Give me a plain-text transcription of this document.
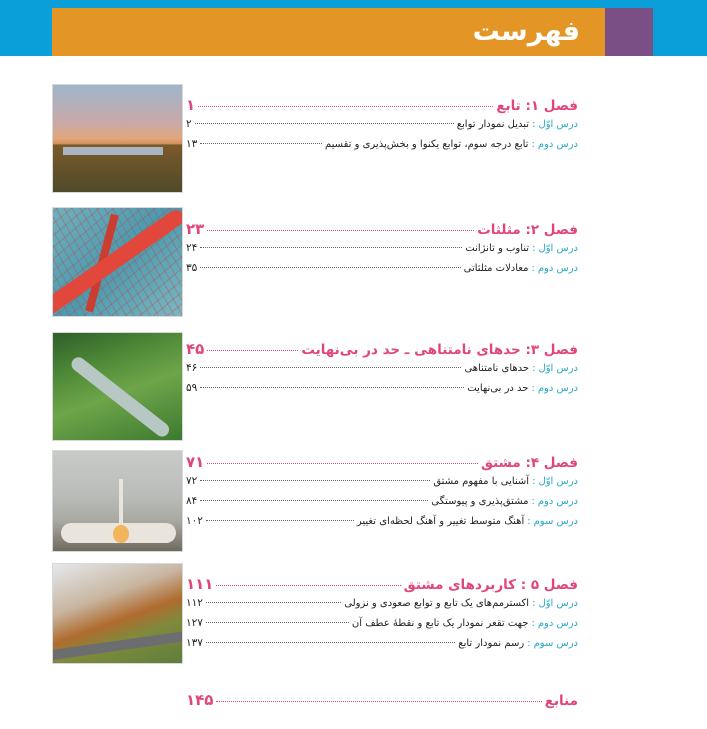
فهرست
فصل ۱: تابع
۱
درس اوّل
:
تبدیل نمودار توابع
۲
درس دوم
:
تابع درجه سوم، توابع یکنوا و بخش‌پذیری و تقسیم
۱۳
فصل ۲: مثلثات
۲۳
درس اوّل
:
تناوب و تانژانت
۲۴
درس دوم
:
معادلات مثلثاتی
۳۵
فصل ۳: حدهای نامتناهی ـ حد در بی‌نهایت
۴۵
درس اوّل
:
حدهای نامتناهی
۴۶
درس دوم
:
حد در بی‌نهایت
۵۹
فصل ۴: مشتق
۷۱
درس اوّل
:
آشنایی با مفهوم مشتق
۷۲
درس دوم
:
مشتق‌پذیری و پیوستگی
۸۴
درس سوم
:
آهنگ متوسط تغییر و آهنگ لحظه‌ای تغییر
۱۰۲
فصل ۵ : کاربردهای مشتق
۱۱۱
درس اوّل
:
اکسترمم‌های یک تابع و توابع صعودی و نزولی
۱۱۲
درس دوم
:
جهت تقعر نمودار یک تابع و نقطهٔ عطف آن
۱۲۷
درس سوم
:
رسم نمودار تابع
۱۳۷
منابع
۱۴۵
